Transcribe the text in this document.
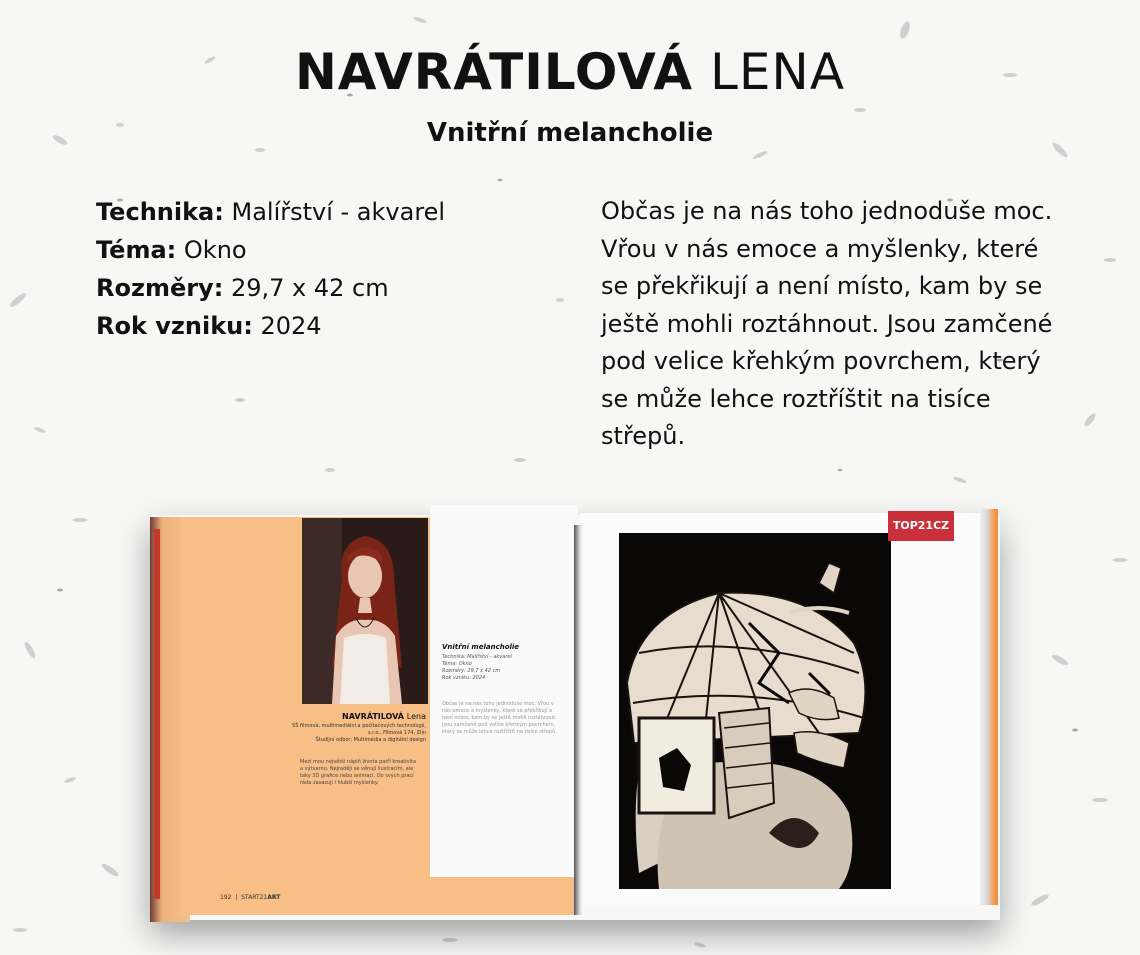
NAVRÁTILOVÁ LENA
Vnitřní melancholie
Technika: Malířství - akvarel
Téma: Okno
Rozměry: 29,7 x 42 cm
Rok vzniku: 2024
Občas je na nás toho jednoduše moc. Vřou v nás emoce a myšlenky, které se překřikují a není místo, kam by se ještě mohli roztáhnout. Jsou zamčené pod velice křehkým povrchem, který se může lehce roztříštit na tisíce střepů.
NAVRÁTILOVÁ Lena
SŠ filmová, multimediální a počítačových technologií, s.r.o., Filmová 174, Zlín
Študijní odbor: Multimédia a digitální design
Mezi mou největší náplň života patří kreativita a výtvarno. Nejraději se věnuji ilustracím, ale taky 3D grafice nebo animaci. Do svých prací ráda zasazuji i hlubší myšlenky.
192  |  START21ART
Vnitřní melancholie
Technika: Malířství - akvarel
Téma: Okno
Rozměry: 29,7 x 42 cm
Rok vzniku: 2024
Občas je na nás toho jednoduše moc. Vřou v nás emoce a myšlenky, které se překřikují a není místo, kam by se ještě mohli roztáhnout. Jsou zamčené pod velice křehkým povrchem, který se může lehce roztříštit na tisíce střepů.
TOP21CZ
